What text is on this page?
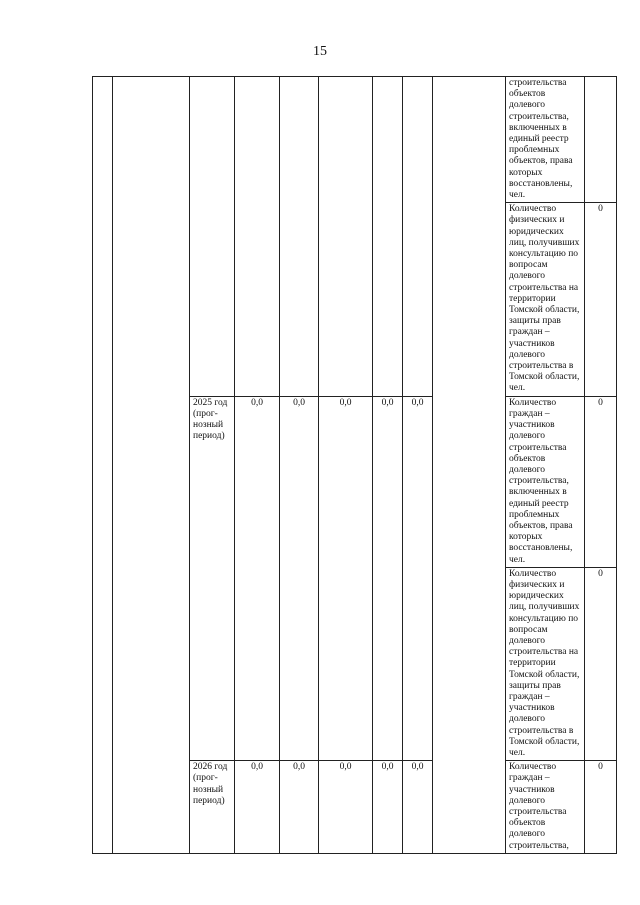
15
									строительства объектов долевого строительства, включенных в единый реестр проблемных объектов, права которых восстановлены, чел.	
									Количество физических и юридических лиц, получивших консультацию по вопросам долевого строительства на территории Томской области, защиты прав граждан – участников долевого строительства в Томской области, чел.	0
		2025 год (прог-нозный период)	0,0	0,0	0,0	0,0	0,0		Количество граждан – участников долевого строительства объектов долевого строительства, включенных в единый реестр проблемных объектов, права которых восстановлены, чел.	0
									Количество физических и юридических лиц, получивших консультацию по вопросам долевого строительства на территории Томской области, защиты прав граждан – участников долевого строительства в Томской области, чел.	0
		2026 год (прог-нозный период)	0,0	0,0	0,0	0,0	0,0		Количество граждан – участников долевого строительства объектов долевого строительства,	0
